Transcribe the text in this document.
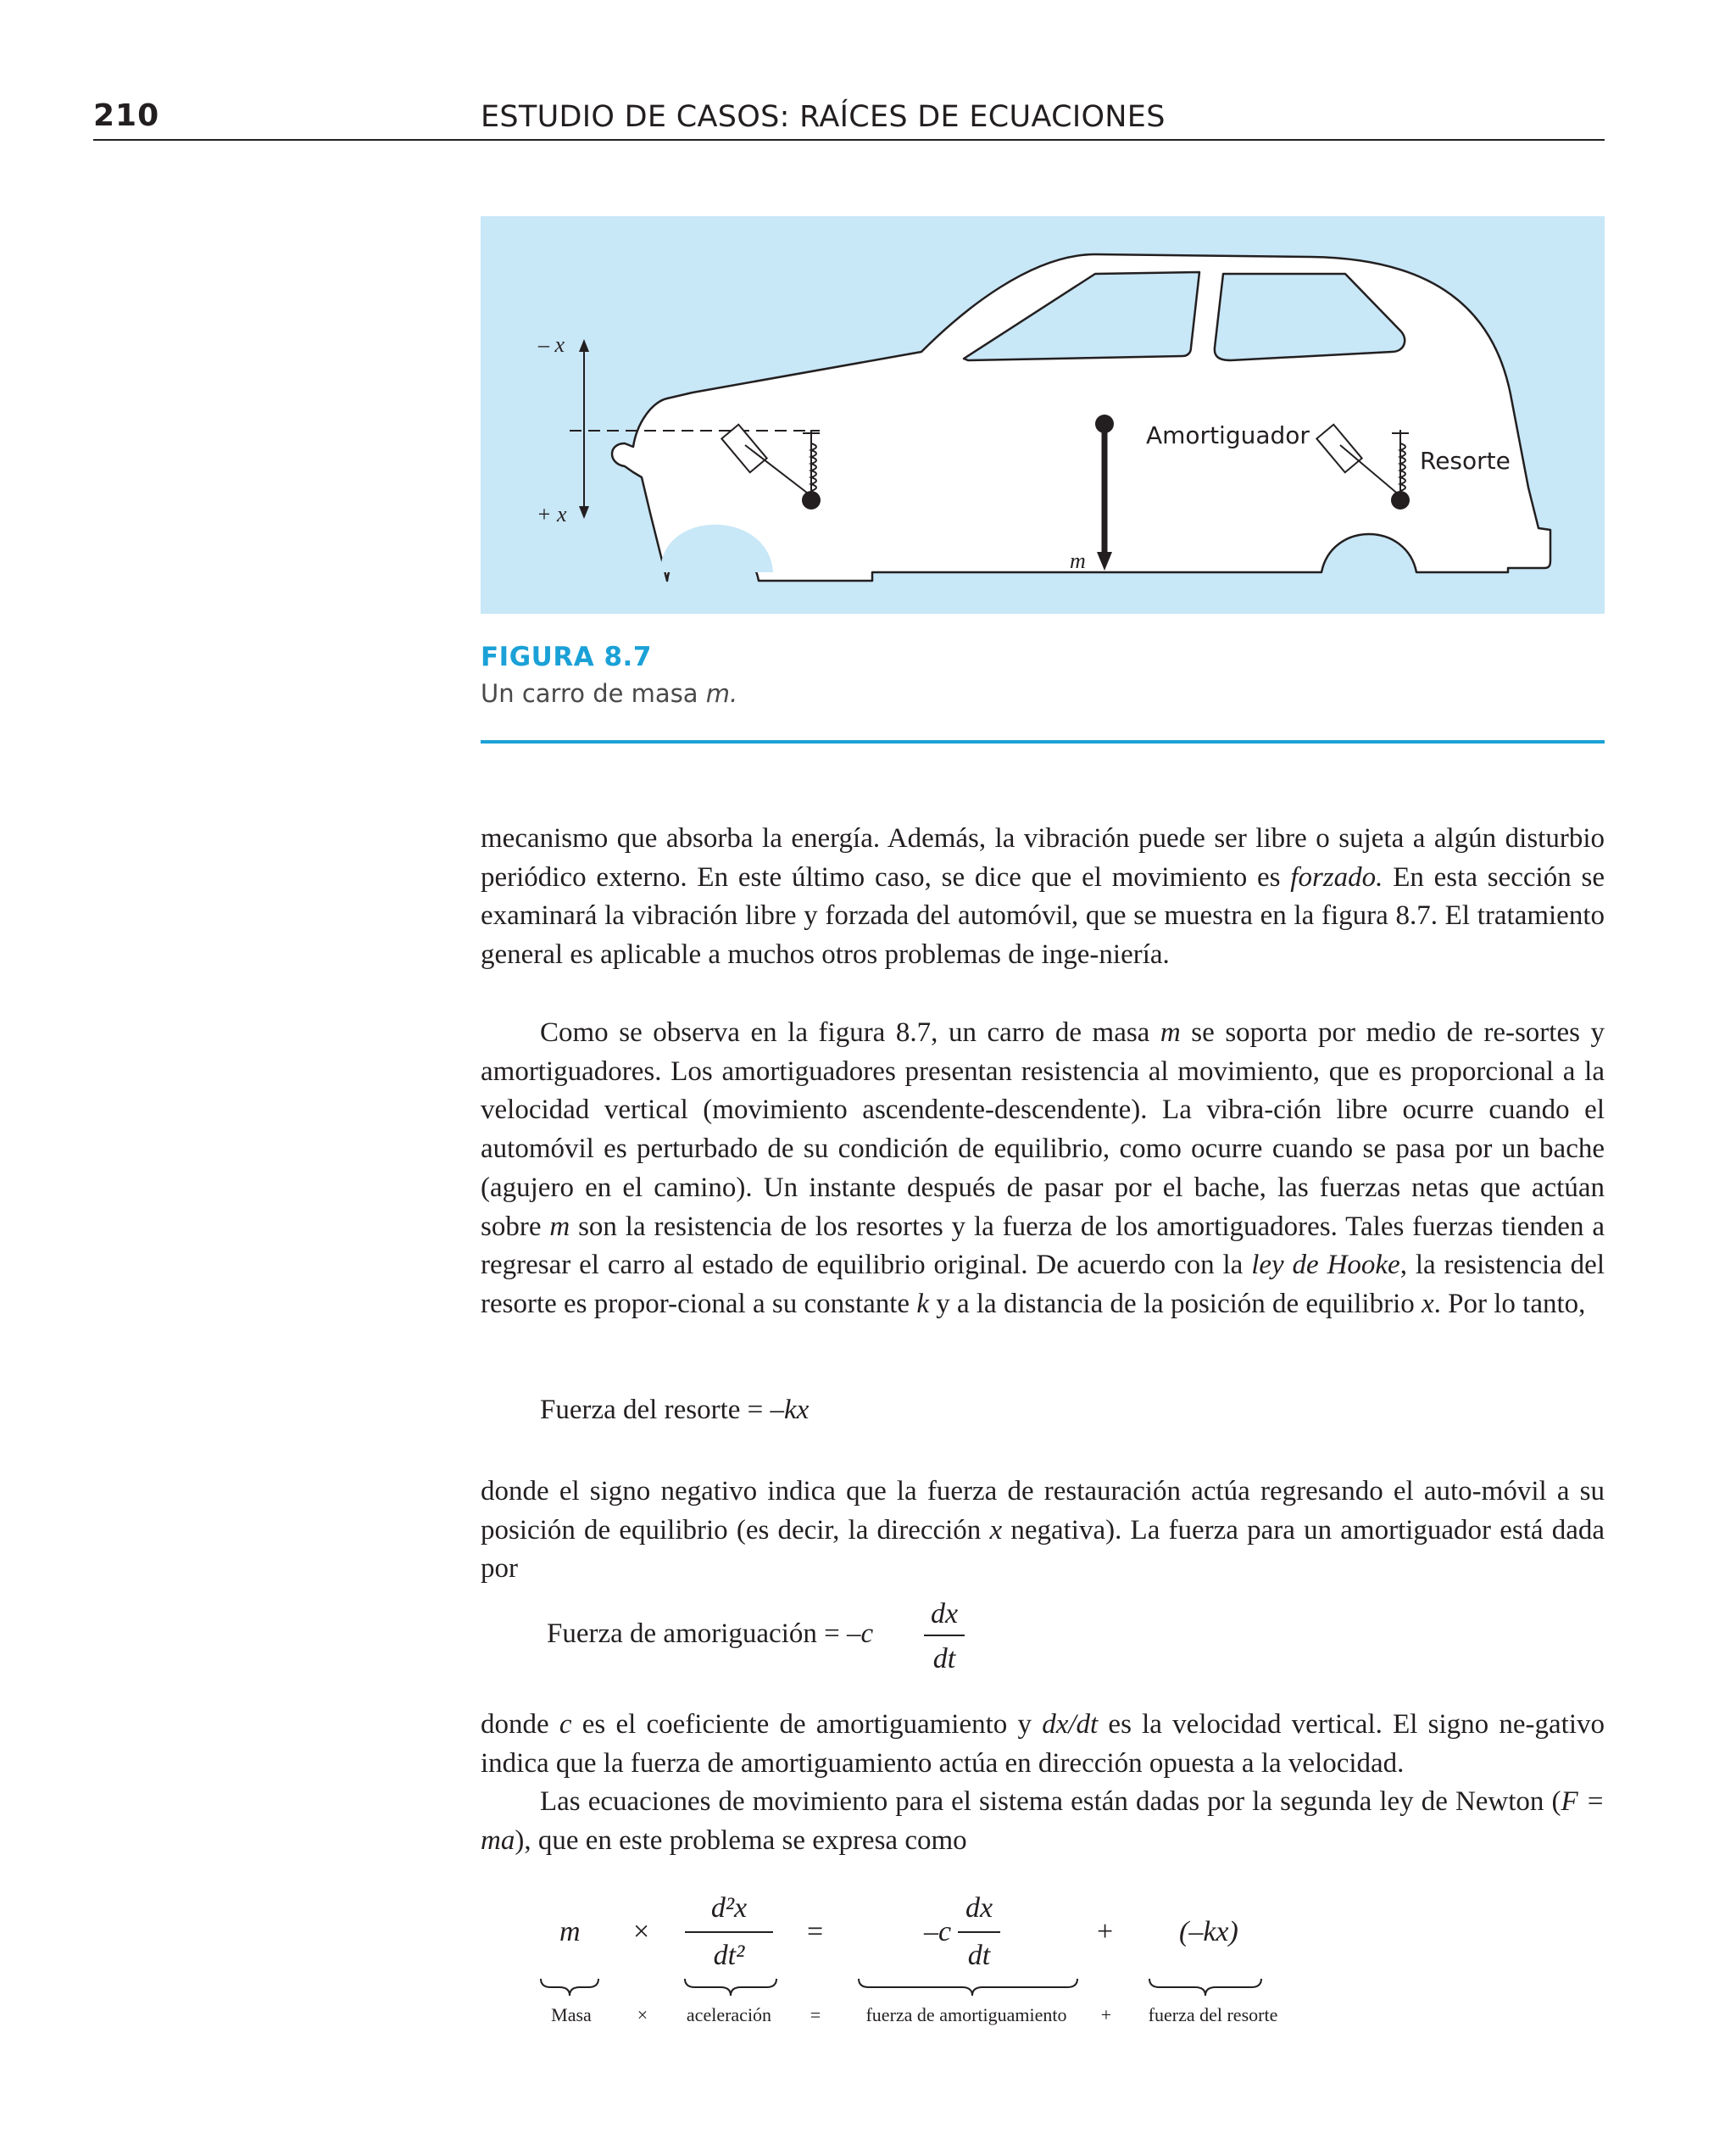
210	ESTUDIO DE CASOS: RAÍCES DE ECUACIONES
– x
+ x
m
Amortiguador
Resorte
FIGURA 8.7
Un carro de masa m.
mecanismo que absorba la energía. Además, la vibración puede ser libre o sujeta a algún disturbio periódico externo. En este último caso, se dice que el movimiento es forzado. En esta sección se examinará la vibración libre y forzada del automóvil, que se muestra en la figura 8.7. El tratamiento general es aplicable a muchos otros problemas de inge-niería.
Como se observa en la figura 8.7, un carro de masa m se soporta por medio de re-sortes y amortiguadores. Los amortiguadores presentan resistencia al movimiento, que es proporcional a la velocidad vertical (movimiento ascendente-descendente). La vibra-ción libre ocurre cuando el automóvil es perturbado de su condición de equilibrio, como ocurre cuando se pasa por un bache (agujero en el camino). Un instante después de pasar por el bache, las fuerzas netas que actúan sobre m son la resistencia de los resortes y la fuerza de los amortiguadores. Tales fuerzas tienden a regresar el carro al estado de equilibrio original. De acuerdo con la ley de Hooke, la resistencia del resorte es propor-cional a su constante k y a la distancia de la posición de equilibrio x. Por lo tanto,
Fuerza del resorte = –kx
donde el signo negativo indica que la fuerza de restauración actúa regresando el auto-móvil a su posición de equilibrio (es decir, la dirección x negativa). La fuerza para un amortiguador está dada por
Fuerza de amoriguación = –c
dx
dt
donde c es el coeficiente de amortiguamiento y dx/dt es la velocidad vertical. El signo ne-gativo indica que la fuerza de amortiguamiento actúa en dirección opuesta a la velocidad.
Las ecuaciones de movimiento para el sistema están dadas por la segunda ley de Newton (F = ma), que en este problema se expresa como
m ×
d²x
dt²
=	–c
dx
dt
+ (–kx)
Masa	×	aceleración	=	fuerza de amortiguamiento	+	fuerza del resorte
